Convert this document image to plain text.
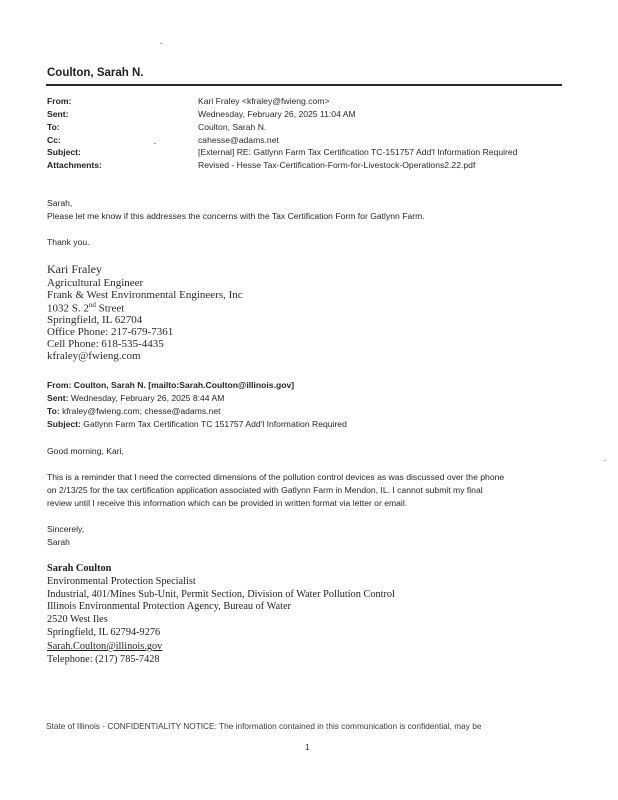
Coulton, Sarah N.
From:	Kari Fraley <kfraley@fwieng.com>
Sent:	Wednesday, February 26, 2025 11:04 AM
To:	Coulton, Sarah N.
Cc:	cahesse@adams.net
Subject:	[External] RE: Gatlynn Farm Tax Certification TC-151757 Add'l Information Required
Attachments:	Revised - Hesse Tax-Certification-Form-for-Livestock-Operations2.22.pdf
Sarah,
Please let me know if this addresses the concerns with the Tax Certification Form for Gatlynn Farm.
Thank you.
Kari Fraley
Agricultural Engineer
Frank & West Environmental Engineers, Inc
1032 S. 2nd Street
Springfield, IL 62704
Office Phone: 217-679-7361
Cell Phone: 618-535-4435
kfraley@fwieng.com
From: Coulton, Sarah N. [mailto:Sarah.Coulton@illinois.gov]
Sent: Wednesday, February 26, 2025 8:44 AM
To: kfraley@fwieng.com; chesse@adams.net
Subject: Gatlynn Farm Tax Certification TC 151757 Add'l Information Required
Good morning, Kari,
This is a reminder that I need the corrected dimensions of the pollution control devices as was discussed over the phone
on 2/13/25 for the tax certification application associated with Gatlynn Farm in Mendon, IL. I cannot submit my final
review until I receive this information which can be provided in written format via letter or email.
Sincerely,
Sarah
Sarah Coulton
Environmental Protection Specialist
Industrial, 401/Mines Sub-Unit, Permit Section, Division of Water Pollution Control
Illinois Environmental Protection Agency, Bureau of Water
2520 West Iles
Springfield, IL 62794-9276
Sarah.Coulton@illinois.gov
Telephone: (217) 785-7428
State of Illinois - CONFIDENTIALITY NOTICE: The information contained in this communication is confidential, may be
1
